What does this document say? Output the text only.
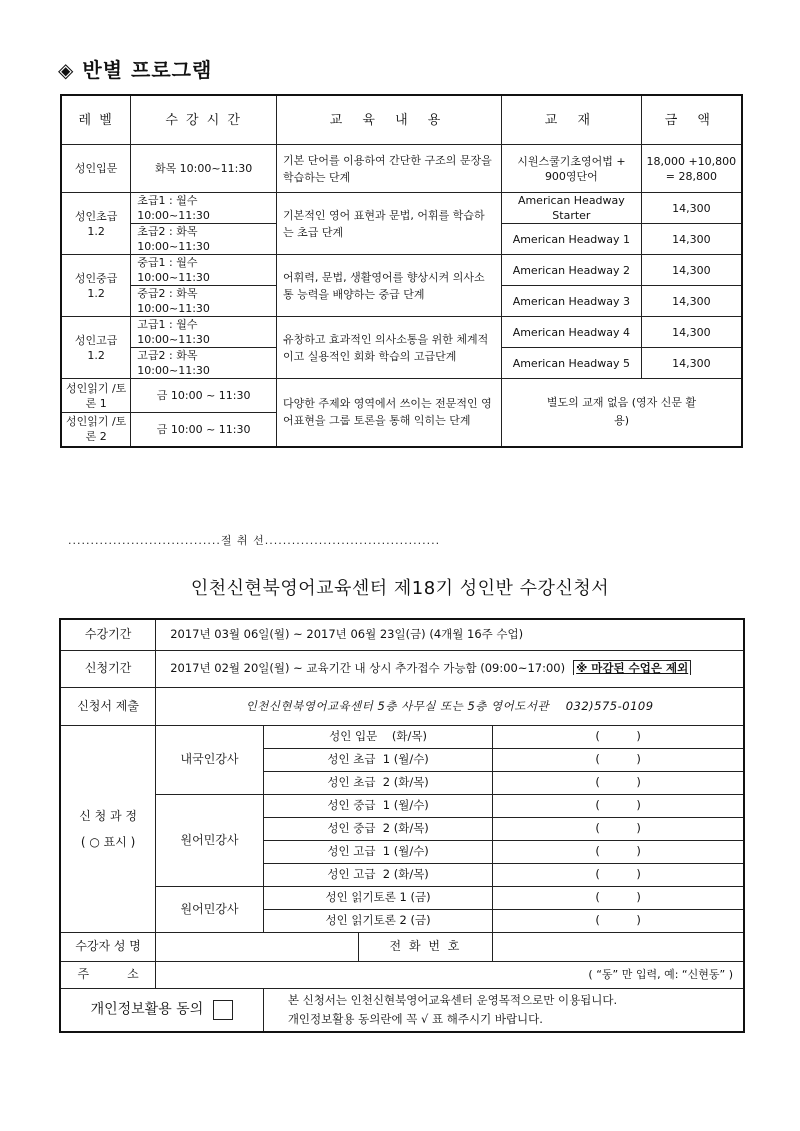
◈ 반별 프로그램
레 벨	수 강 시 간	교 육 내 용	교 재	금 액
성인입문	화목 10:00~11:30	기본 단어를 이용하여 간단한 구조의 문장을 학습하는 단계	시원스쿨기초영어법 + 900영단어	18,000 +10,800 = 28,800
성인초급 1.2	초급1 : 월수 10:00~11:30	기본적인 영어 표현과 문법, 어휘를 학습하는 초급 단계	American Headway Starter	14,300
	초급2 : 화목 10:00~11:30		American Headway 1	14,300
성인중급 1.2	중급1 : 월수 10:00~11:30	어휘력, 문법, 생활영어를 향상시켜 의사소통 능력을 배양하는 중급 단계	American Headway 2	14,300
	중급2 : 화목 10:00~11:30		American Headway 3	14,300
성인고급 1.2	고급1 : 월수 10:00~11:30	유창하고 효과적인 의사소통을 위한 체계적이고 실용적인 회화 학습의 고급단계	American Headway 4	14,300
	고급2 : 화목 10:00~11:30		American Headway 5	14,300
성인읽기 /토론 1	금 10:00 ~ 11:30	다양한 주제와 영역에서 쓰이는 전문적인 영어표현을 그룹 토론을 통해 익히는 단계	별도의 교재 없음 (영자 신문 활용)	
성인읽기 /토론 2	금 10:00 ~ 11:30			
..................................절 취 선.......................................
인천신현북영어교육센터 제18기 성인반 수강신청서
수강기간	2017년 03월 06일(월) ~ 2017년 06월 23일(금) (4개월 16주 수업)			
신청기간	2017년 02월 20일(월) ~ 교육기간 내 상시 추가접수 가능함 (09:00~17:00) ※ 마감된 수업은 제외			
신청서 제출	인천신현북영어교육센터 5층 사무실 또는 5층 영어도서관    032)575-0109			

신 청 과 정
( ○ 표시 )	내국인강사	성인 입문    (화/목)		(          )
		성인 초급  1 (월/수)		(          )
		성인 초급  2 (화/목)		(          )
	원어민강사	성인 중급  1 (월/수)		(          )
		성인 중급  2 (화/목)		(          )
		성인 고급  1 (월/수)		(          )
		성인 고급  2 (화/목)		(          )
	원어민강사	성인 읽기토론 1 (금)		(          )
		성인 읽기토론 2 (금)		(          )
수강자 성 명			전 화 번 호	
주          소	( “동” 만 입력, 예: “신현동” )			
개인정보활용 동의		본 신청서는 인천신현북영어교육센터 운영목적으로만 이용됩니다.
개인정보활용 동의란에 꼭 √ 표 해주시기 바랍니다.		
